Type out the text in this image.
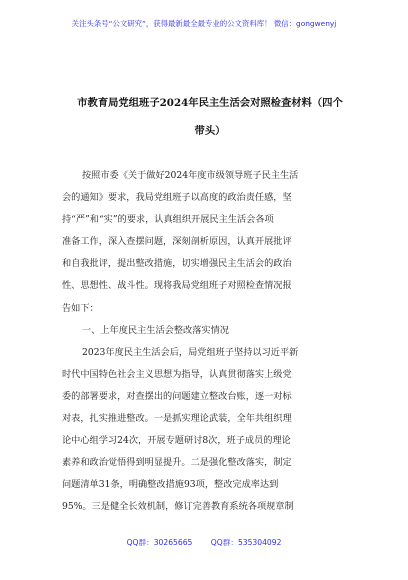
关注头条号“公文研究”，获得最新最全最专业的公文资料库！ 微信：gongwenyj
市教育局党组班子2024年民主生活会对照检查材料（四个
带头）
按照市委《关于做好2024年度市级领导班子民主生活
会的通知》要求，我局党组班子以高度的政治责任感，坚
持“严”和“实”的要求，认真组织开展民主生活会各项
准备工作，深入查摆问题，深刻剖析原因，认真开展批评
和自我批评，提出整改措施，切实增强民主生活会的政治
性、思想性、战斗性。现将我局党组班子对照检查情况报
告如下：
一、上年度民主生活会整改落实情况
2023年度民主生活会后，局党组班子坚持以习近平新
时代中国特色社会主义思想为指导，认真贯彻落实上级党
委的部署要求，对查摆出的问题建立整改台账，逐一对标
对表，扎实推进整改。一是抓实理论武装，全年共组织理
论中心组学习24次，开展专题研讨8次，班子成员的理论
素养和政治觉悟得到明显提升。二是强化整改落实，制定
问题清单31条，明确整改措施93项，整改完成率达到
95%。三是健全长效机制，修订完善教育系统各项规章制
QQ群：30265665 QQ群：535304092
